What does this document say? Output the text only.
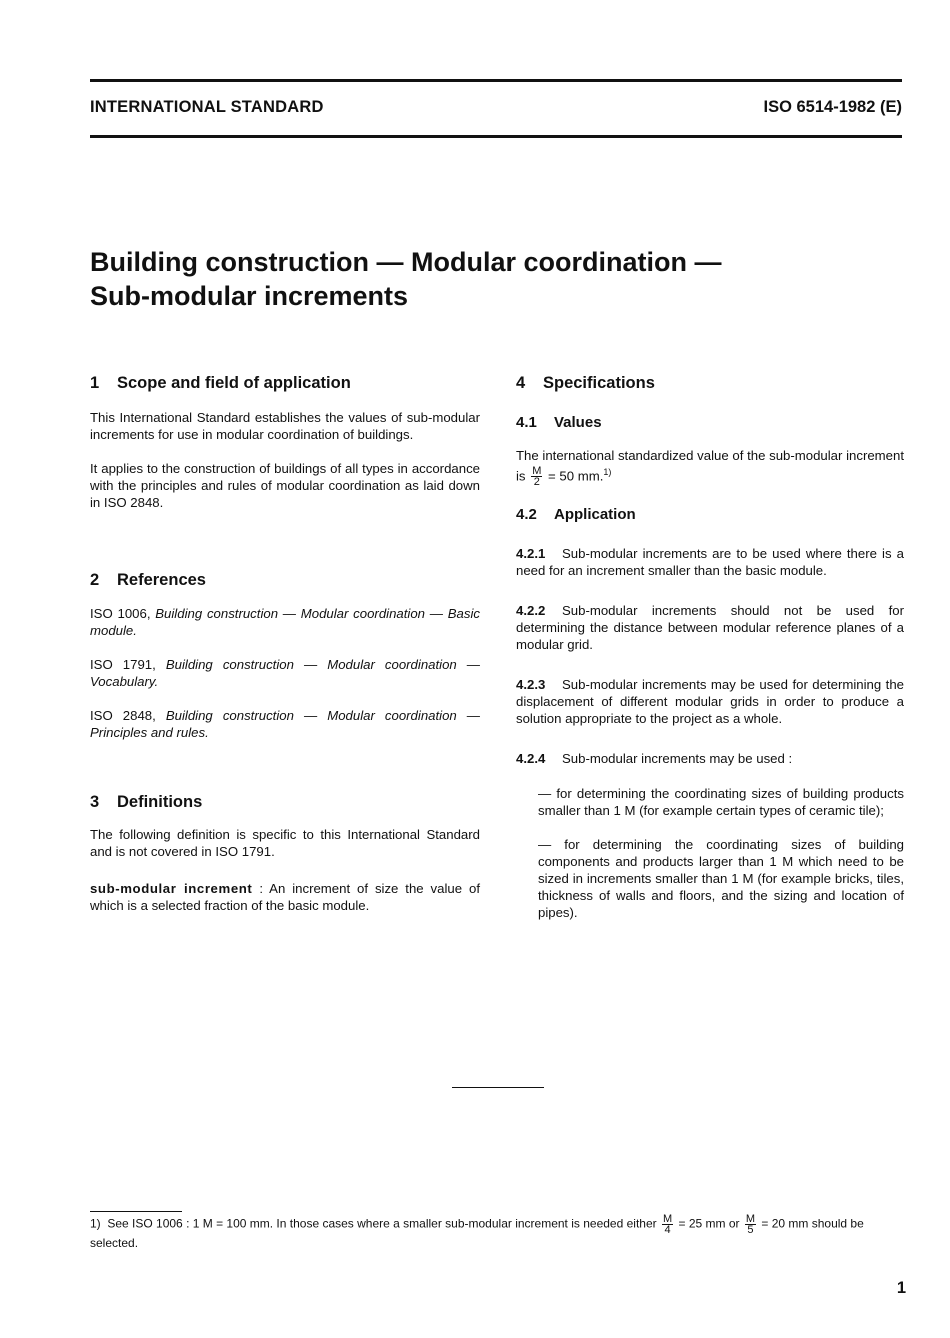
INTERNATIONAL STANDARD	ISO 6514-1982 (E)
Building construction — Modular coordination —
Sub-modular increments
1 Scope and field of application

This International Standard establishes the values of sub-modular increments for use in modular coordination of buildings.

It applies to the construction of buildings of all types in accordance with the principles and rules of modular coordination as laid down in ISO 2848.

2 References

ISO 1006, Building construction — Modular coordination — Basic module.

ISO 1791, Building construction — Modular coordination — Vocabulary.

ISO 2848, Building construction — Modular coordination — Principles and rules.

3 Definitions

The following definition is specific to this International Standard and is not covered in ISO 1791.

sub-modular increment : An increment of size the value of which is a selected fraction of the basic module.

4 Specifications
4.1 Values

The international standardized value of the sub-modular increment is $\frac{M}{2} = 50$ mm.$^{1)}$

4.2 Application

4.2.1 Sub-modular increments are to be used where there is a need for an increment smaller than the basic module.

4.2.2 Sub-modular increments should not be used for determining the distance between modular reference planes of a modular grid.

4.2.3 Sub-modular increments may be used for determining the displacement of different modular grids in order to produce a solution appropriate to the project as a whole.

4.2.4 Sub-modular increments may be used :

— for determining the coordinating sizes of building products smaller than 1 M (for example certain types of ceramic tile);

— for determining the coordinating sizes of building components and products larger than 1 M which need to be sized in increments smaller than 1 M (for example bricks, tiles, thickness of walls and floors, and the sizing and location of pipes).

1) See ISO 1006 : 1 M = 100 mm. In those cases where a smaller sub-modular increment is needed either $\frac{M}{4} = 25$ mm or $\frac{M}{5} = 20$ mm should be selected.
1
